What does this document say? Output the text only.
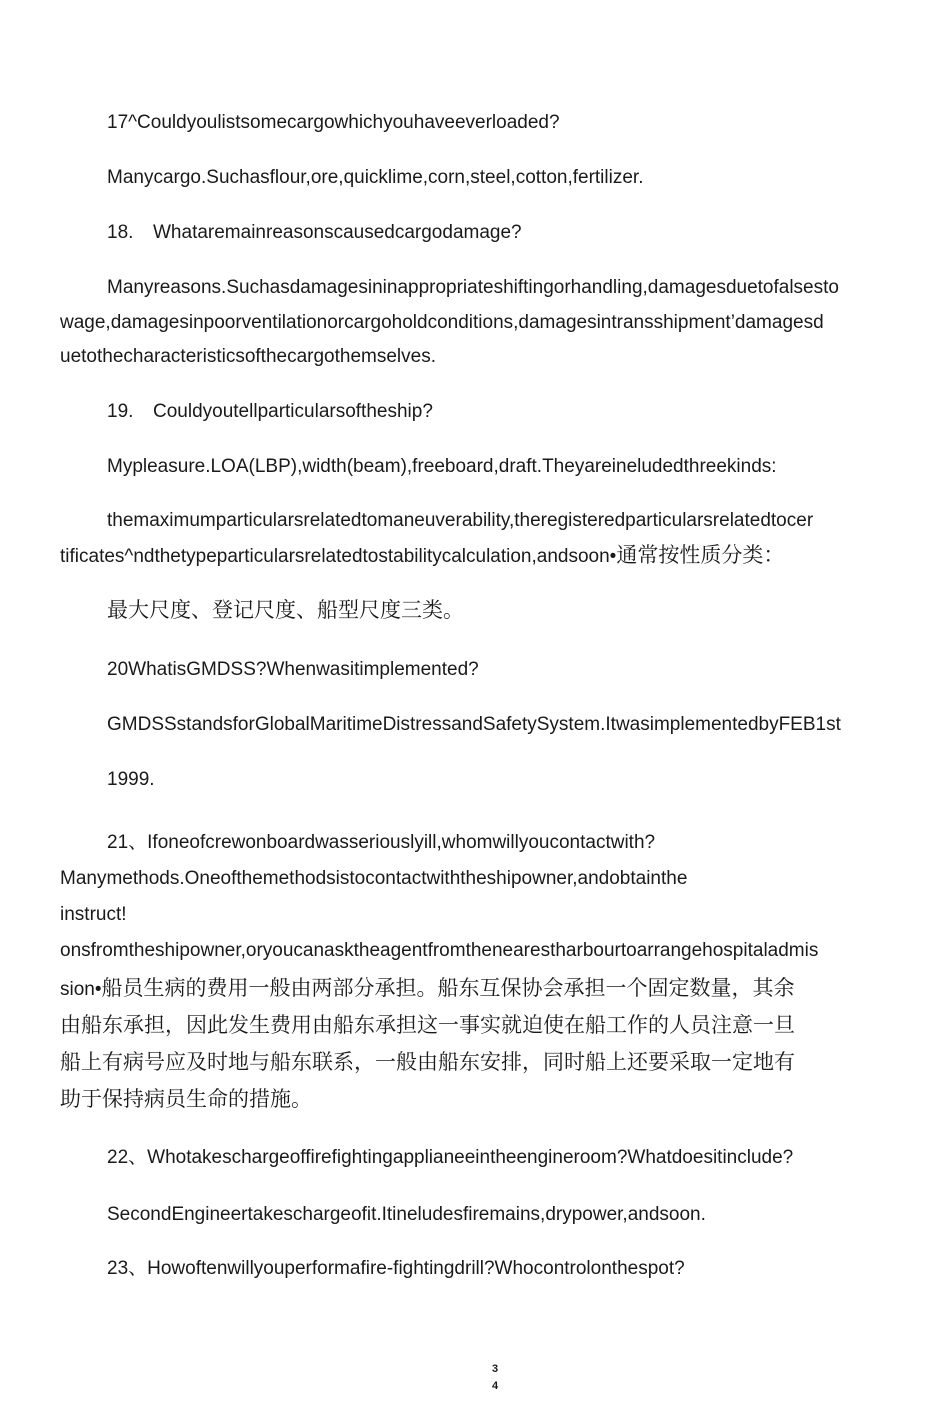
17^Couldyoulistsomecargowhichyouhaveeverloaded?
Manycargo.Suchasflour,ore,quicklime,corn,steel,cotton,fertilizer.
18. Whataremainreasonscausedcargodamage?
Manyreasons.Suchasdamagesininappropriateshiftingorhandling,damagesduetofalsesto
wage,damagesinpoorventilationorcargoholdconditions,damagesintransshipment’damagesd
uetothecharacteristicsofthecargothemselves.
19. Couldyoutellparticularsoftheship?
Mypleasure.LOA(LBP),width(beam),freeboard,draft.Theyareineludedthreekinds:
themaximumparticularsrelatedtomaneuverability,theregisteredparticularsrelatedtocer
tificates^ndthetypeparticularsrelatedtostabilitycalculation,andsoon•通常按性质分类：
最大尺度、登记尺度、船型尺度三类。
20WhatisGMDSS?Whenwasitimplemented?
GMDSSstandsforGlobalMaritimeDistressandSafetySystem.ItwasimplementedbyFEB1st
1999.
21、Ifoneofcrewonboardwasseriouslyill,whomwillyoucontactwith?
Manymethods.Oneofthemethodsistocontactwiththeshipowner,andobtainthe
instruct!
onsfromtheshipowner,oryoucanasktheagentfromthenearestharbourtoarrangehospitaladmis
sion•船员生病的费用一般由两部分承担。船东互保协会承担一个固定数量，其余
由船东承担，因此发生费用由船东承担这一事实就迫使在船工作的人员注意一旦
船上有病号应及时地与船东联系，一般由船东安排，同时船上还要采取一定地有
助于保持病员生命的措施。
22、Whotakeschargeoffirefightingapplianeeintheengineroom?Whatdoesitinclude?
SecondEngineertakeschargeofit.Itineludesfiremains,drypower,andsoon.
23、Howoftenwillyouperformafire-fightingdrill?Whocontrolonthespot?
3
4
